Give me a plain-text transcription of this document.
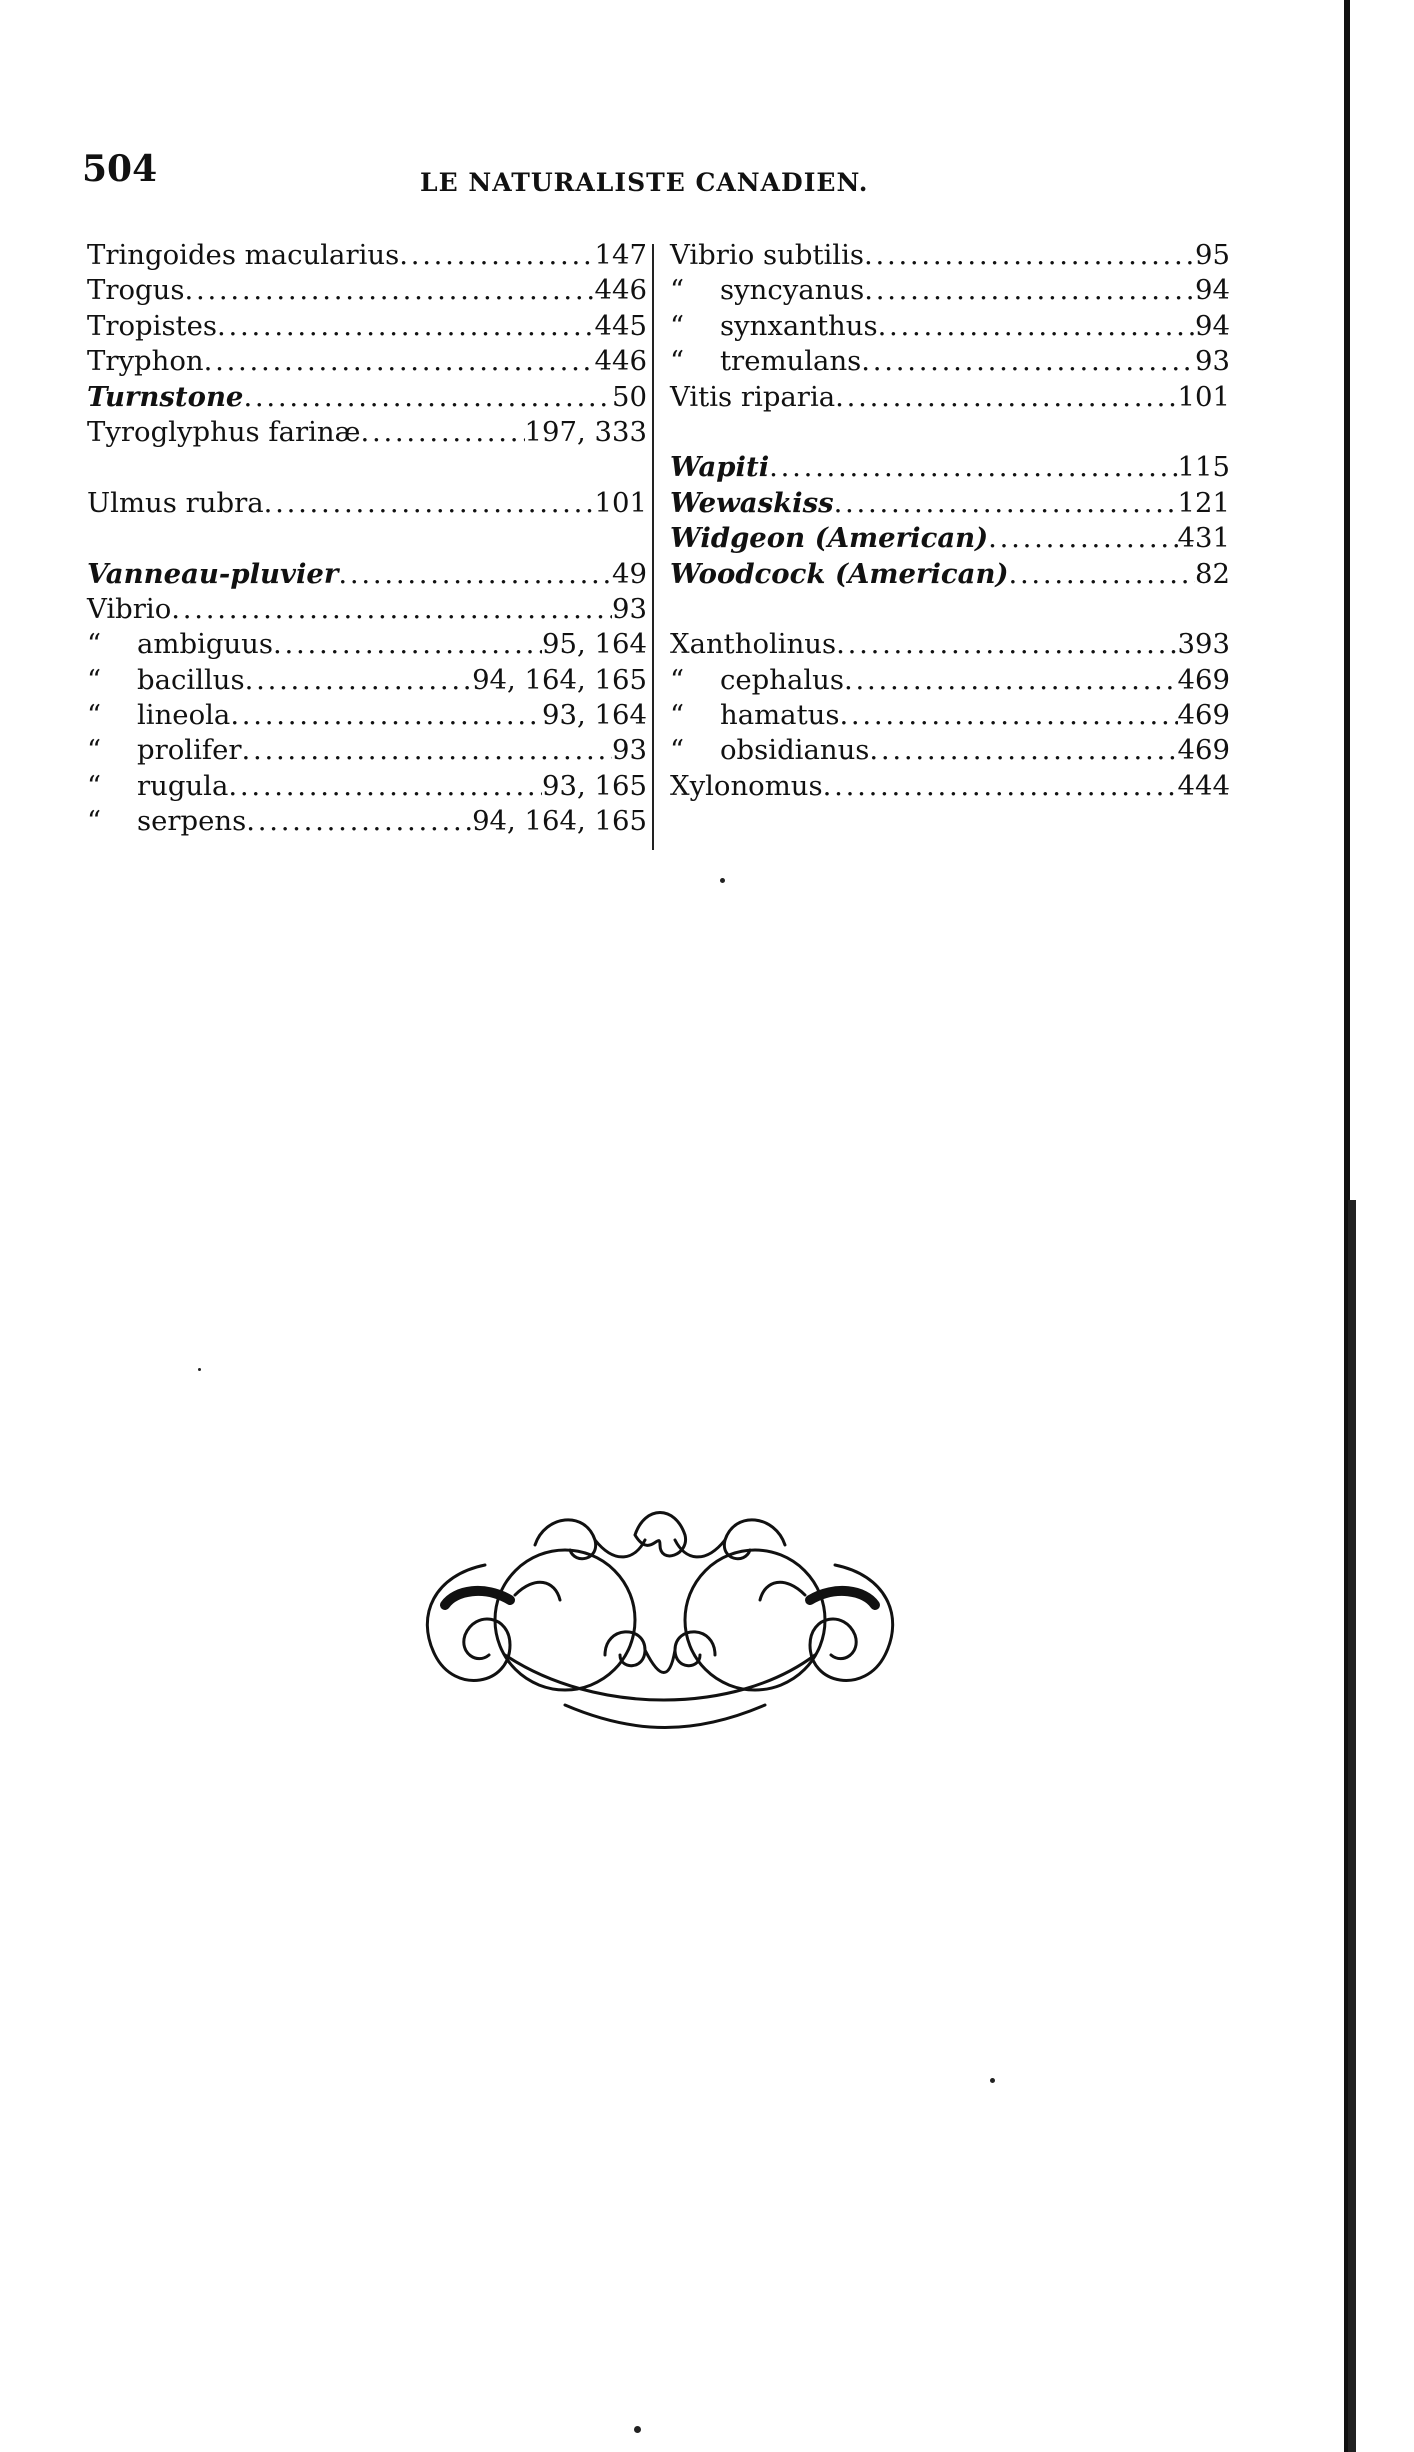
504	LE NATURALISTE CANADIEN.
Tringoides macularius . . .	147
Trogus . . .	446
Tropistes . . .	445
Tryphon . . .	446
Turnstone . . .	50
Tyroglyphus farinæ . . .	197, 333
Ulmus rubra . . .	101
Vanneau-pluvier . . .	49
Vibrio . . .	93
“ ambiguus . . .	95, 164
“ bacillus . . .	94, 164, 165
“ lineola . . .	93, 164
“ prolifer . . .	93
“ rugula . . .	93, 165
“ serpens . . .	94, 164, 165
Vibrio subtilis . . .	95
“ syncyanus . . .	94
“ synxanthus . . .	94
“ tremulans . . .	93
Vitis riparia . . .	101
Wapiti . . .	115
Wewaskiss . . .	121
Widgeon (American) . . .	431
Woodcock (American) . . .	82
Xantholinus . . .	393
“ cephalus . . .	469
“ hamatus . . .	469
“ obsidianus . . .	469
Xylonomus . . .	444
